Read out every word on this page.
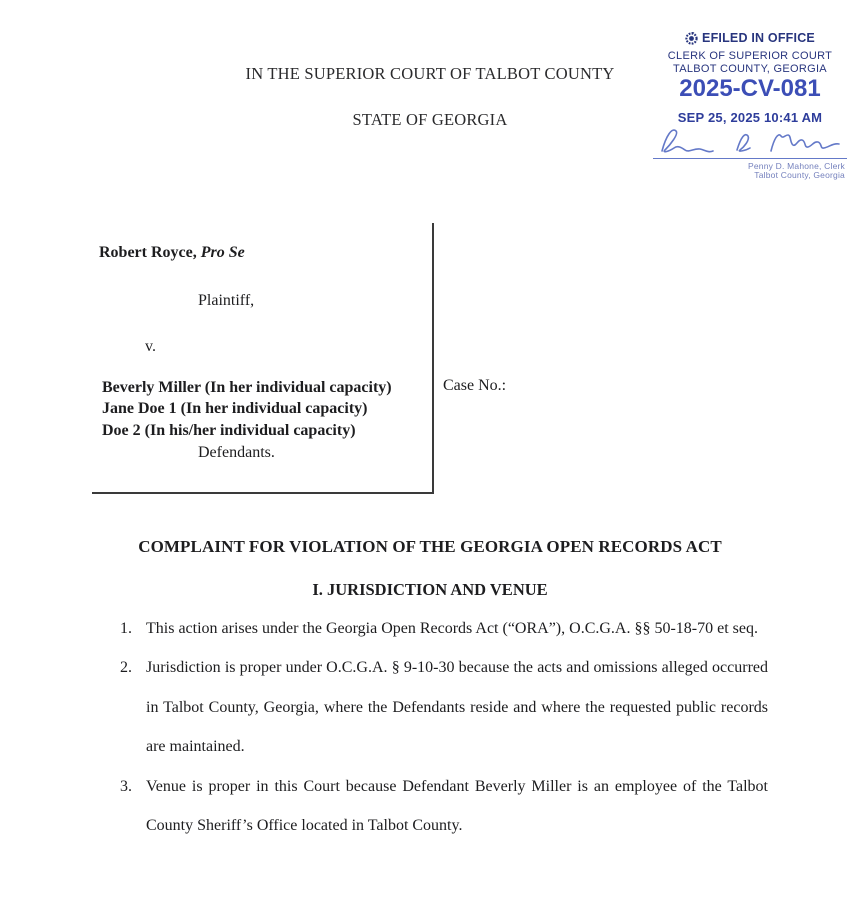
IN THE SUPERIOR COURT OF TALBOT COUNTY
STATE OF GEORGIA
EFILED IN OFFICE
CLERK OF SUPERIOR COURT
TALBOT COUNTY, GEORGIA
2025-CV-081
SEP 25, 2025 10:41 AM
Penny D. Mahone, Clerk
Talbot County, Georgia
Robert Royce, Pro Se
Plaintiff,
v.
Beverly Miller (In her individual capacity)
Jane Doe 1 (In her individual capacity)
Doe 2 (In his/her individual capacity)
Defendants.
Case No.:
COMPLAINT FOR VIOLATION OF THE GEORGIA OPEN RECORDS ACT
I. JURISDICTION AND VENUE
1. This action arises under the Georgia Open Records Act (“ORA”), O.C.G.A. §§ 50-18-70 et seq.
2. Jurisdiction is proper under O.C.G.A. § 9-10-30 because the acts and omissions alleged occurred in Talbot County, Georgia, where the Defendants reside and where the requested public records are maintained.
3. Venue is proper in this Court because Defendant Beverly Miller is an employee of the Talbot County Sheriff’s Office located in Talbot County.
